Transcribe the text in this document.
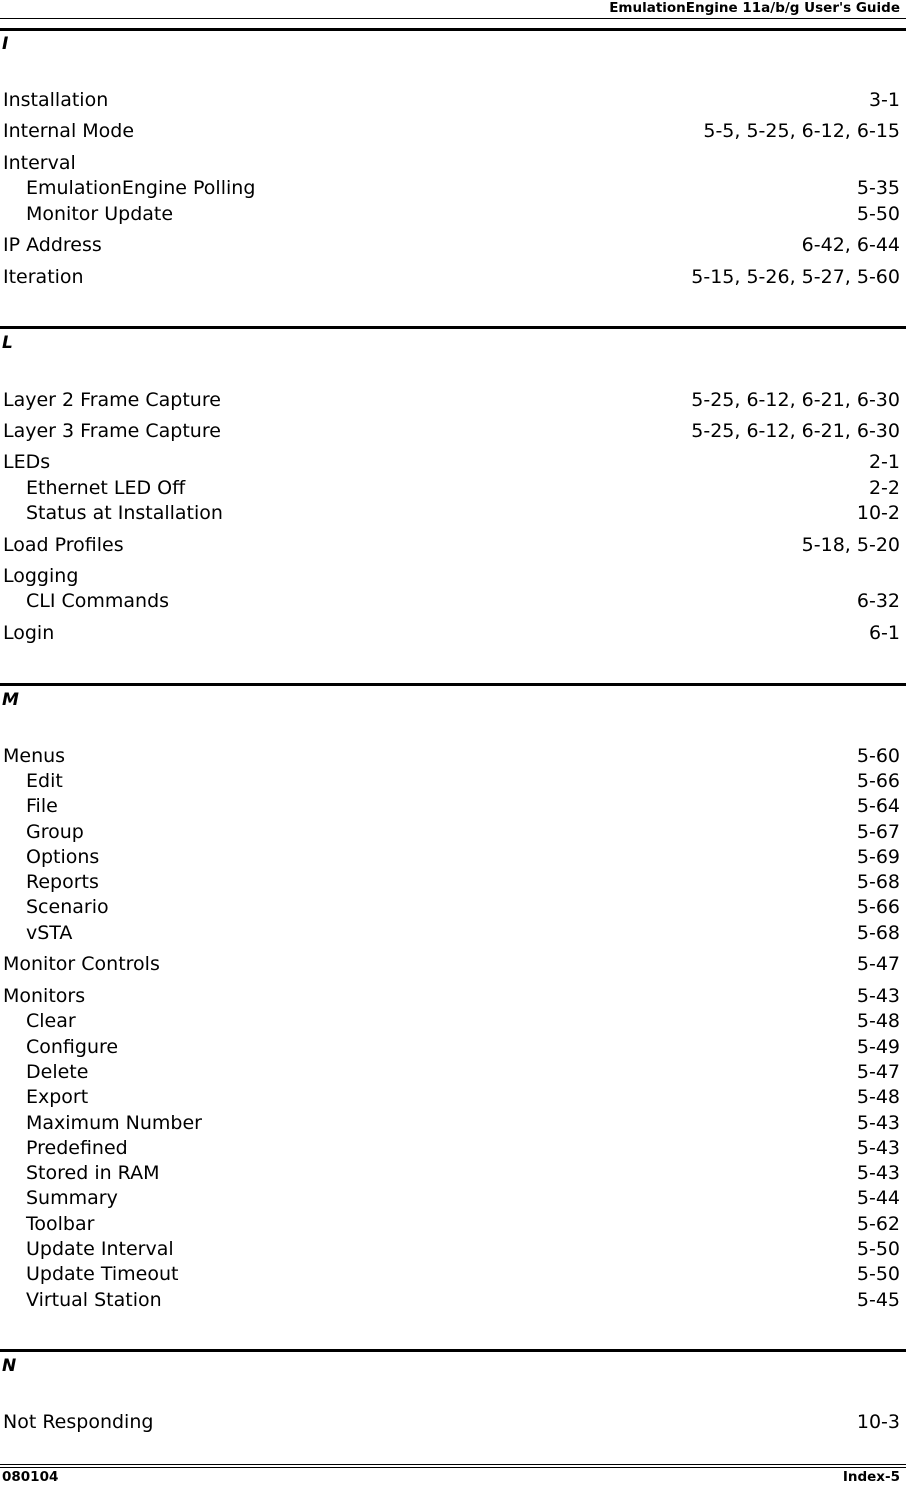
EmulationEngine 11a/b/g User's Guide
I
Installation	3-1
Internal Mode	5-5, 5-25, 6-12, 6-15
Interval
EmulationEngine Polling	5-35
Monitor Update	5-50
IP Address	6-42, 6-44
Iteration	5-15, 5-26, 5-27, 5-60
L
Layer 2 Frame Capture	5-25, 6-12, 6-21, 6-30
Layer 3 Frame Capture	5-25, 6-12, 6-21, 6-30
LEDs	2-1
Ethernet LED Off	2-2
Status at Installation	10-2
Load Profiles	5-18, 5-20
Logging
CLI Commands	6-32
Login	6-1
M
Menus	5-60
Edit	5-66
File	5-64
Group	5-67
Options	5-69
Reports	5-68
Scenario	5-66
vSTA	5-68
Monitor Controls	5-47
Monitors	5-43
Clear	5-48
Configure	5-49
Delete	5-47
Export	5-48
Maximum Number	5-43
Predefined	5-43
Stored in RAM	5-43
Summary	5-44
Toolbar	5-62
Update Interval	5-50
Update Timeout	5-50
Virtual Station	5-45
N
Not Responding	10-3
080104	Index-5
